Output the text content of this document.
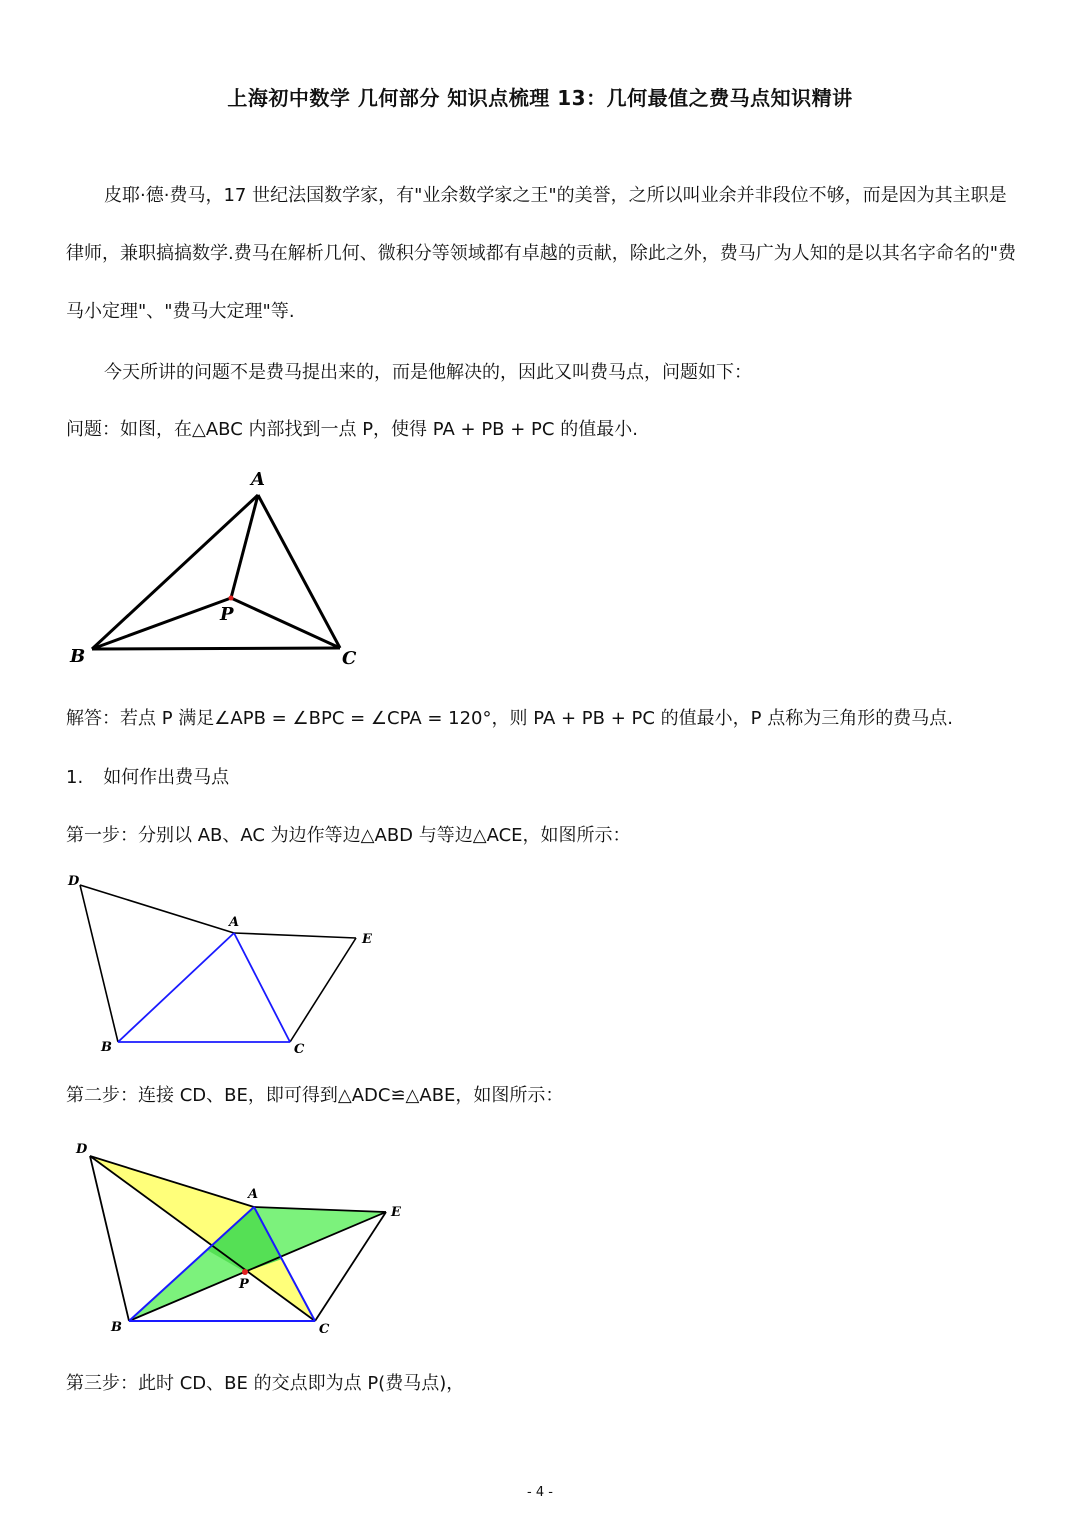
上海初中数学 几何部分 知识点梳理 13：几何最值之费马点知识精讲

皮耶·德·费马，17 世纪法国数学家，有"业余数学家之王"的美誉，之所以叫业余并非段位不够，而是因为其主职是律师，兼职搞搞数学.费马在解析几何、微积分等领域都有卓越的贡献，除此之外，费马广为人知的是以其名字命名的"费马小定理"、"费马大定理"等.

今天所讲的问题不是费马提出来的，而是他解决的，因此又叫费马点，问题如下：
问题：如图，在△ABC 内部找到一点 P，使得 PA + PB + PC 的值最小.
A
P
B	C
解答：若点 P 满足∠APB = ∠BPC = ∠CPA = 120°，则 PA + PB + PC 的值最小，P 点称为三角形的费马点.
1. 如何作出费马点
第一步：分别以 AB、AC 为边作等边△ABD 与等边△ACE，如图所示：
D
A
E
B	C
第二步：连接 CD、BE，即可得到△ADC≌△ABE，如图所示：
D
A
E
P
B	C
第三步：此时 CD、BE 的交点即为点 P(费马点)，
- 4 -
